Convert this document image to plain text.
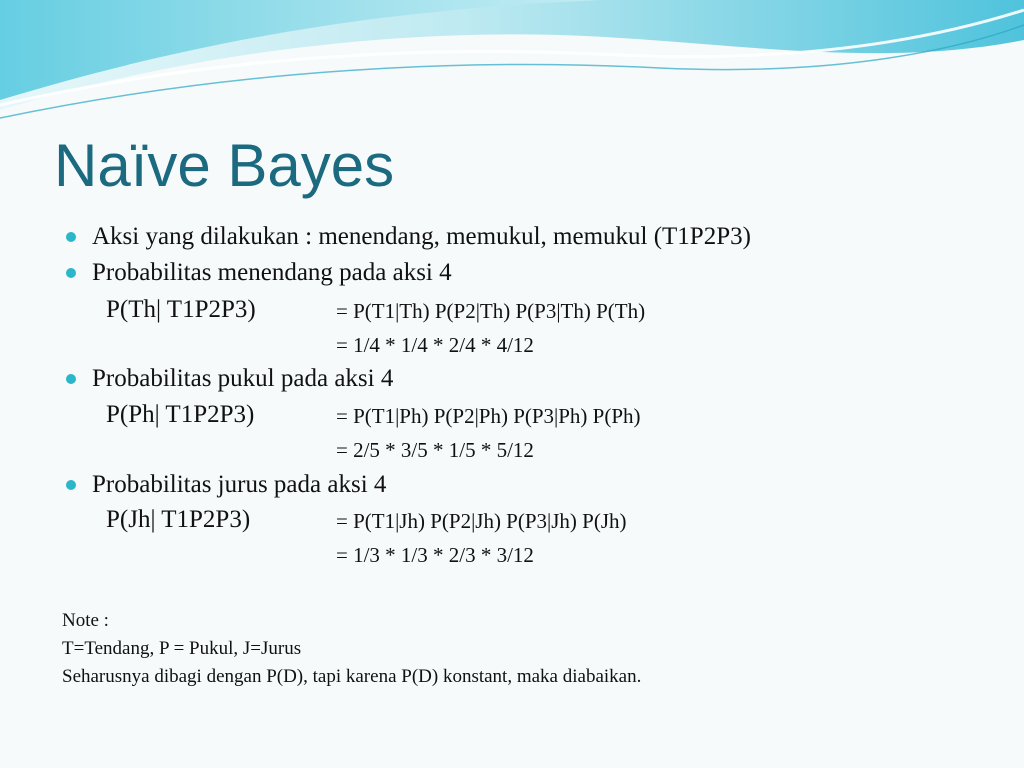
Naïve Bayes
Aksi yang dilakukan : menendang, memukul, memukul (T1P2P3)
Probabilitas menendang pada aksi 4
P(Th| T1P2P3)	= P(T1|Th) P(P2|Th) P(P3|Th) P(Th)
= 1/4 * 1/4 * 2/4 * 4/12
Probabilitas pukul pada aksi 4
P(Ph| T1P2P3)	= P(T1|Ph) P(P2|Ph) P(P3|Ph) P(Ph)
= 2/5 * 3/5 * 1/5 * 5/12
Probabilitas jurus pada aksi 4
P(Jh| T1P2P3)	= P(T1|Jh) P(P2|Jh) P(P3|Jh) P(Jh)
= 1/3 * 1/3 * 2/3 * 3/12
Note :
T=Tendang, P = Pukul, J=Jurus
Seharusnya dibagi dengan P(D), tapi karena P(D) konstant, maka diabaikan.
